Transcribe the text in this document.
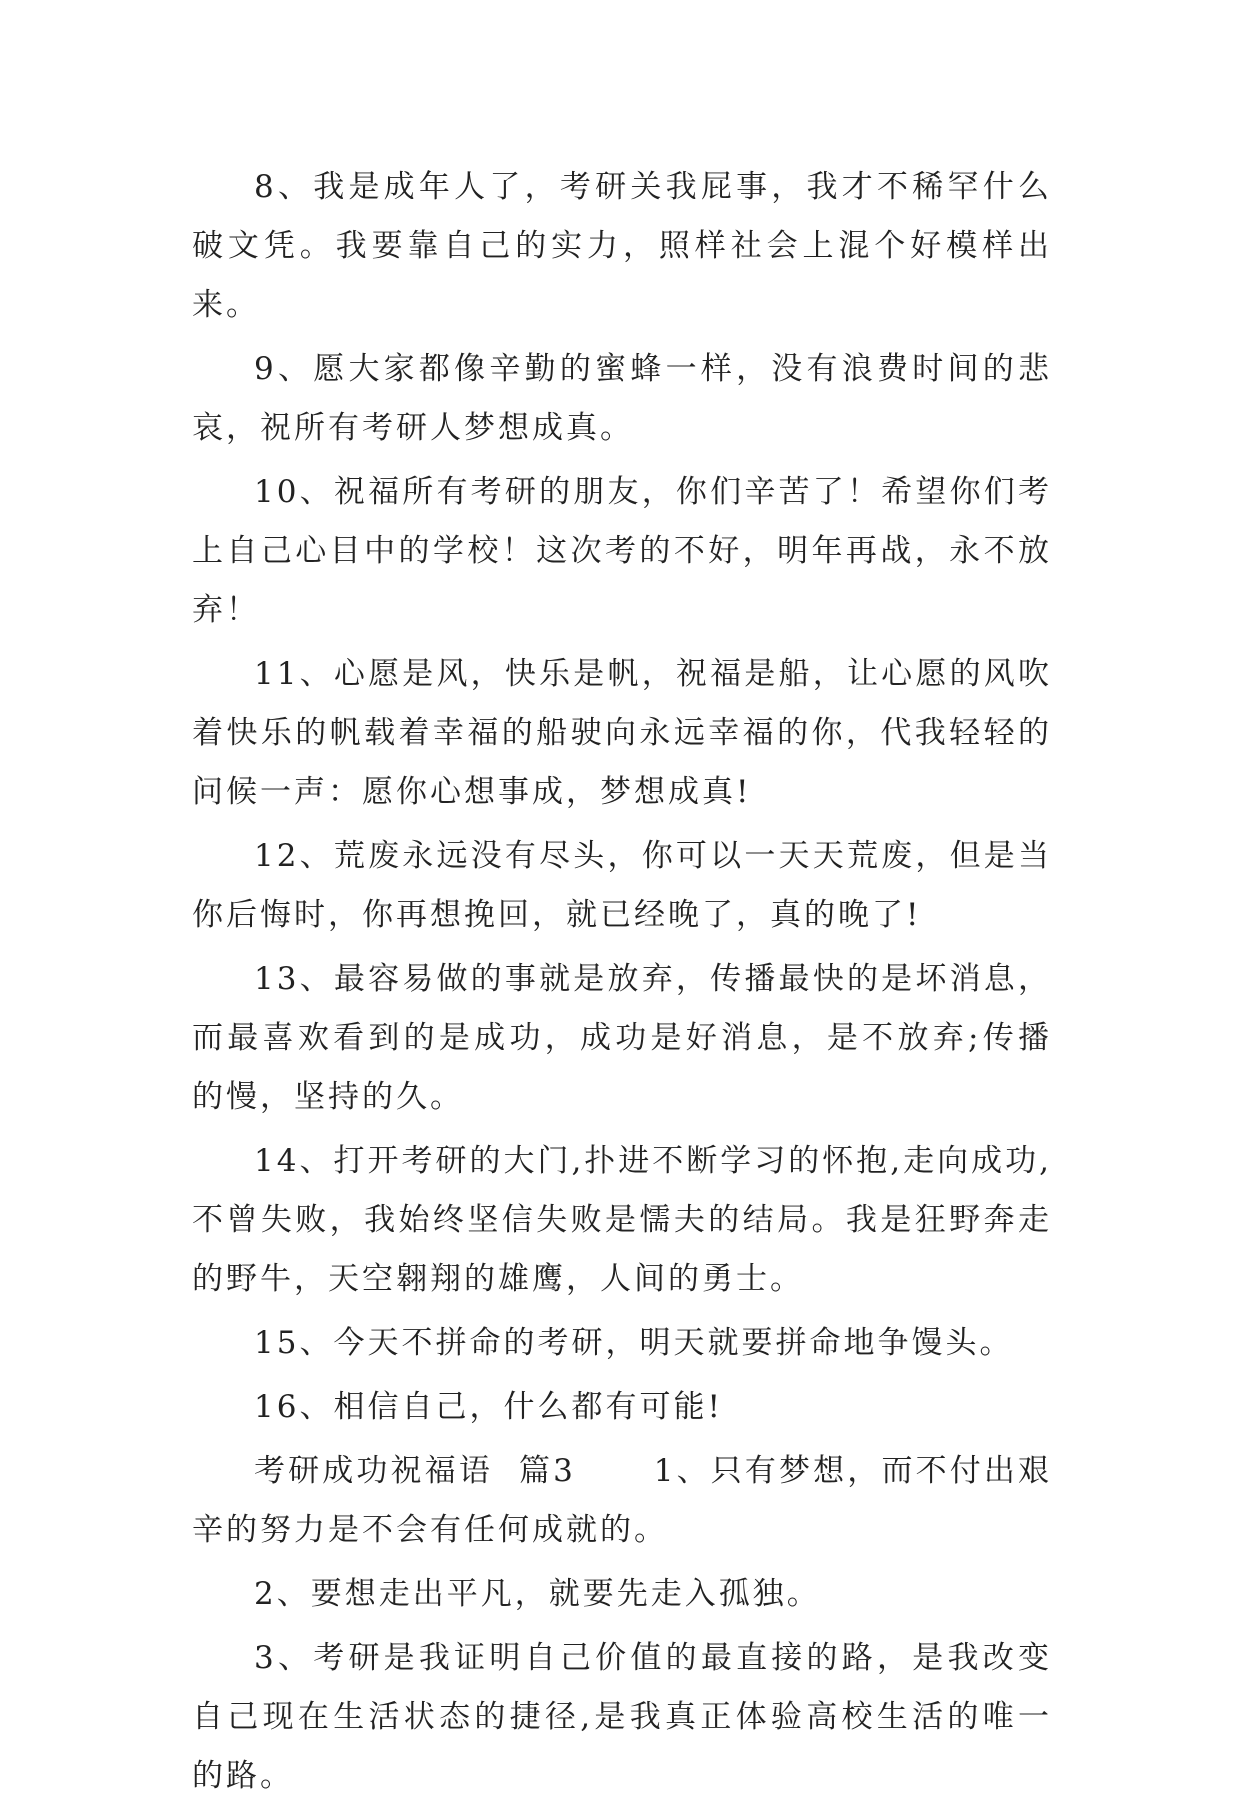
8、我是成年人了，考研关我屁事，我才不稀罕什么破文凭。我要靠自己的实力，照样社会上混个好模样出来。

9、愿大家都像辛勤的蜜蜂一样，没有浪费时间的悲哀，祝所有考研人梦想成真。

10、祝福所有考研的朋友，你们辛苦了！希望你们考上自己心目中的学校！这次考的不好，明年再战，永不放弃！

11、心愿是风，快乐是帆，祝福是船，让心愿的风吹着快乐的帆载着幸福的船驶向永远幸福的你，代我轻轻的问候一声：愿你心想事成，梦想成真!

12、荒废永远没有尽头，你可以一天天荒废，但是当你后悔时，你再想挽回，就已经晚了，真的晚了!

13、最容易做的事就是放弃，传播最快的是坏消息，而最喜欢看到的是成功，成功是好消息，是不放弃;传播的慢，坚持的久。

14、打开考研的大门,扑进不断学习的怀抱,走向成功,不曾失败，我始终坚信失败是懦夫的结局。我是狂野奔走的野牛，天空翱翔的雄鹰，人间的勇士。

15、今天不拼命的考研，明天就要拼命地争馒头。

16、相信自己，什么都有可能!

考研成功祝福语  篇3      1、只有梦想，而不付出艰辛的努力是不会有任何成就的。

2、要想走出平凡，就要先走入孤独。

3、考研是我证明自己价值的最直接的路，是我改变自己现在生活状态的捷径,是我真正体验高校生活的唯一的路。
